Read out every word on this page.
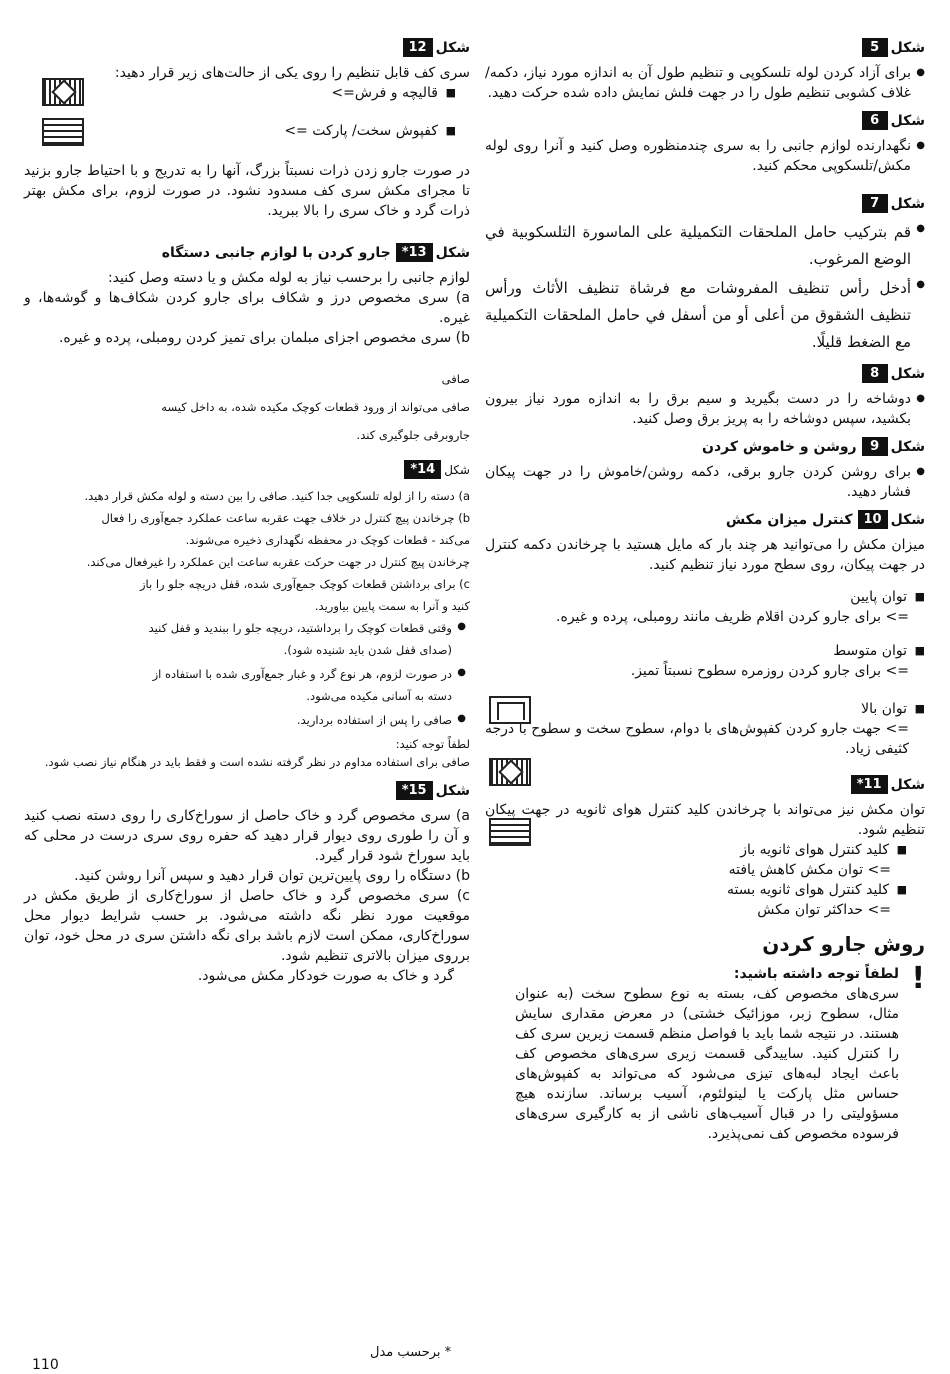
شکل
5
● برای آزاد کردن لوله تلسکوپی و تنظیم طول آن به اندازه مورد نیاز، دکمه/غلاف کشوبی تنظیم طول را در جهت فلش نمایش داده شده حرکت دهید.
شکل
6
● نگهدارنده لوازم جانبی را به سری چندمنظوره وصل کنید و آنرا روی لوله مکش/تلسکوپی محکم کنید.
شکل
7

● قم بتركيب حامل الملحقات التكميلية على الماسورة التلسكوبية في الوضع المرغوب.

● أدخل رأس تنظيف المفروشات مع فرشاة تنظيف الأثاث ورأس تنظيف الشقوق من أعلى أو من أسفل في حامل الملحقات التكميلية مع الضغط قليلًا.

شکل
8
● دوشاخه را در دست بگیرید و سیم برق را به اندازه مورد نیاز بیرون بکشید، سپس دوشاخه را به پریز برق وصل کنید.
شکل
9
روشن و خاموش کردن
● برای روشن کردن جارو برقی، دکمه روشن/خاموش را در جهت پیکان فشار دهید.
شکل
10
کنترل میزان مکش

میزان مکش را می‌توانید هر چند بار که مایل هستید با چرخاندن دکمه کنترل در جهت پیکان، روی سطح مورد نیاز تنظیم کنید.

■ توان پایین

=> برای جارو کردن اقلام ظریف مانند رومبلی، پرده و غیره.

■ توان متوسط

=> برای جارو کردن روزمره سطوح نسبتاً تمیز.

■ توان بالا

=> جهت جارو کردن کفپوش‌های با دوام، سطوح سخت و سطوح با درجه کثیفی زیاد.

شکل
11*

توان مکش نیز می‌تواند با چرخاندن کلید کنترل هوای ثانویه در جهت پیکان تنظیم شود.

■ کلید کنترل هوای ثانویه باز

=> توان مکش کاهش یافته

■ کلید کنترل هوای ثانویه بسته

=> حداکثر توان مکش

روش جارو کردن
!

لطفاً توجه داشته باشید:

سری‌های مخصوص کف، بسته به نوع سطوح سخت (به عنوان مثال، سطوح زبر، موزائیک خشتی) در معرض مقداری سایش هستند. در نتیجه شما باید با فواصل منظم قسمت زیرین سری کف را کنترل کنید. ساییدگی قسمت زیری سری‌های مخصوص کف باعث ایجاد لبه‌های تیزی می‌شود که می‌تواند به کفپوش‌های حساس مثل پارکت یا لینولئوم، آسیب برساند. سازنده هیچ مسؤولیتی را در قبال آسیب‌های ناشی از به کارگیری سری‌های فرسوده مخصوص کف نمی‌پذیرد.

شکل
12

سری کف قابل تنظیم را روی یکی از حالت‌های زیر قرار دهید:

■ قالیچه و فرش=>
■ کفپوش سخت/ پارکت =>

در صورت جارو زدن ذرات نسبتاً بزرگ، آنها را به تدریج و با احتیاط جارو بزنید تا مجرای مکش سری کف مسدود نشود. در صورت لزوم، برای مکش بهتر ذرات گرد و خاک سری را بالا ببرید.

شکل
13*
جارو کردن با لوازم جانبی دستگاه

لوازم جانبی را برحسب نیاز به لوله مکش و یا دسته وصل کنید:

a) سری مخصوص درز و شکاف برای جارو کردن شکاف‌ها و گوشه‌ها، و غیره.

b) سری مخصوص اجزای مبلمان برای تمیز کردن رومبلی، پرده و غیره.

صافی

صافی می‌تواند از ورود قطعات کوچک مکیده شده، به داخل کیسه

جاروبرقی جلوگیری کند.

شکل
14*

a) دسته را از لوله تلسکوپی جدا کنید. صافی را بین دسته و لوله مکش قرار دهید.

b) چرخاندن پیچ کنترل در خلاف جهت عقربه ساعت عملکرد جمع‌آوری را فعال

می‌کند - قطعات کوچک در محفظه نگهداری ذخیره می‌شوند.

چرخاندن پیچ کنترل در جهت حرکت عقربه ساعت این عملکرد را غیرفعال می‌کند.

c) برای برداشتن قطعات کوچک جمع‌آوری شده، قفل دریچه جلو را باز

کنید و آنرا به سمت پایین بیاورید.

● وقتی قطعات کوچک را برداشتید، دریچه جلو را ببندید و قفل کنید

(صدای قفل شدن باید شنیده شود).

● در صورت لزوم، هر نوع گرد و غبار جمع‌آوری شده با استفاده از

دسته به آسانی مکیده می‌شود.

● صافی را پس از استفاده بردارید.

لطفاً توجه کنید:

صافی برای استفاده مداوم در نظر گرفته نشده است و فقط باید در هنگام نیاز نصب شود.

شکل
15*

a) سری مخصوص گرد و خاک حاصل از سوراخ‌کاری را روی دسته نصب کنید و آن را طوری روی دیوار قرار دهید که حفره روی سری درست در محلی که باید سوراخ شود قرار گیرد.

b) دستگاه را روی پایین‌ترین توان قرار دهید و سپس آنرا روشن کنید.

c) سری مخصوص گرد و خاک حاصل از سوراخ‌کاری از طریق مکش در موقعیت مورد نظر نگه داشته می‌شود. بر حسب شرایط دیوار محل سوراخ‌کاری، ممکن است لازم باشد برای نگه داشتن سری در محل خود، توان برروی میزان بالاتری تنظیم شود.

گرد و خاک به صورت خودکار مکش می‌شود.

* برحسب مدل
110
